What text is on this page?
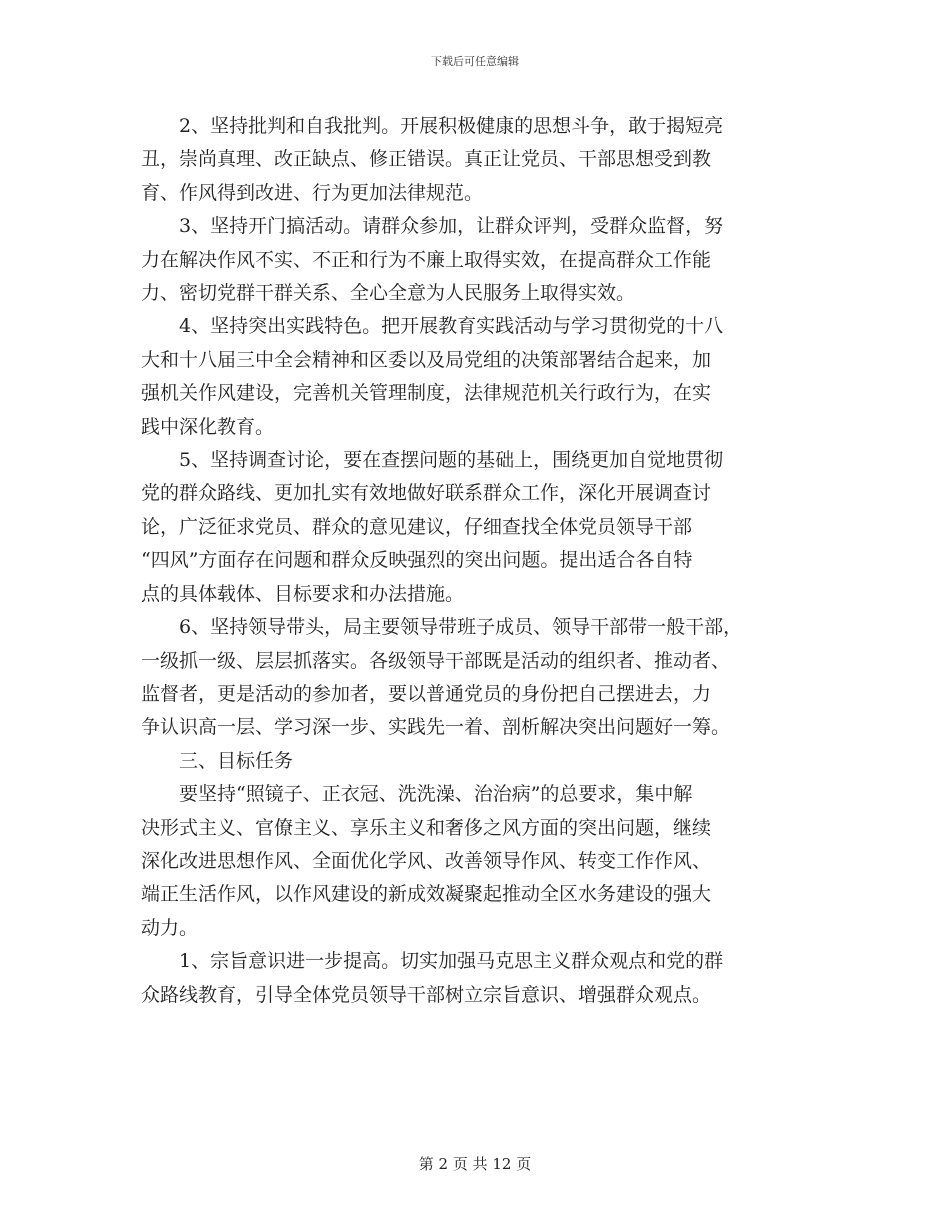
下载后可任意编辑

2、坚持批判和自我批判。开展积极健康的思想斗争，敢于揭短亮

丑，崇尚真理、改正缺点、修正错误。真正让党员、干部思想受到教

育、作风得到改进、行为更加法律规范。

3、坚持开门搞活动。请群众参加，让群众评判，受群众监督，努

力在解决作风不实、不正和行为不廉上取得实效，在提高群众工作能

力、密切党群干群关系、全心全意为人民服务上取得实效。

4、坚持突出实践特色。把开展教育实践活动与学习贯彻党的十八

大和十八届三中全会精神和区委以及局党组的决策部署结合起来，加

强机关作风建设，完善机关管理制度，法律规范机关行政行为，在实

践中深化教育。

5、坚持调查讨论，要在查摆问题的基础上，围绕更加自觉地贯彻

党的群众路线、更加扎实有效地做好联系群众工作，深化开展调查讨

论，广泛征求党员、群众的意见建议，仔细查找全体党员领导干部

“四风”方面存在问题和群众反映强烈的突出问题。提出适合各自特

点的具体载体、目标要求和办法措施。

6、坚持领导带头，局主要领导带班子成员、领导干部带一般干部，

一级抓一级、层层抓落实。各级领导干部既是活动的组织者、推动者、

监督者，更是活动的参加者，要以普通党员的身份把自己摆进去，力

争认识高一层、学习深一步、实践先一着、剖析解决突出问题好一筹。

三、目标任务

要坚持“照镜子、正衣冠、洗洗澡、治治病”的总要求，集中解

决形式主义、官僚主义、享乐主义和奢侈之风方面的突出问题，继续

深化改进思想作风、全面优化学风、改善领导作风、转变工作作风、

端正生活作风，以作风建设的新成效凝聚起推动全区水务建设的强大

动力。

1、宗旨意识进一步提高。切实加强马克思主义群众观点和党的群

众路线教育，引导全体党员领导干部树立宗旨意识、增强群众观点。

第 2 页 共 12 页
